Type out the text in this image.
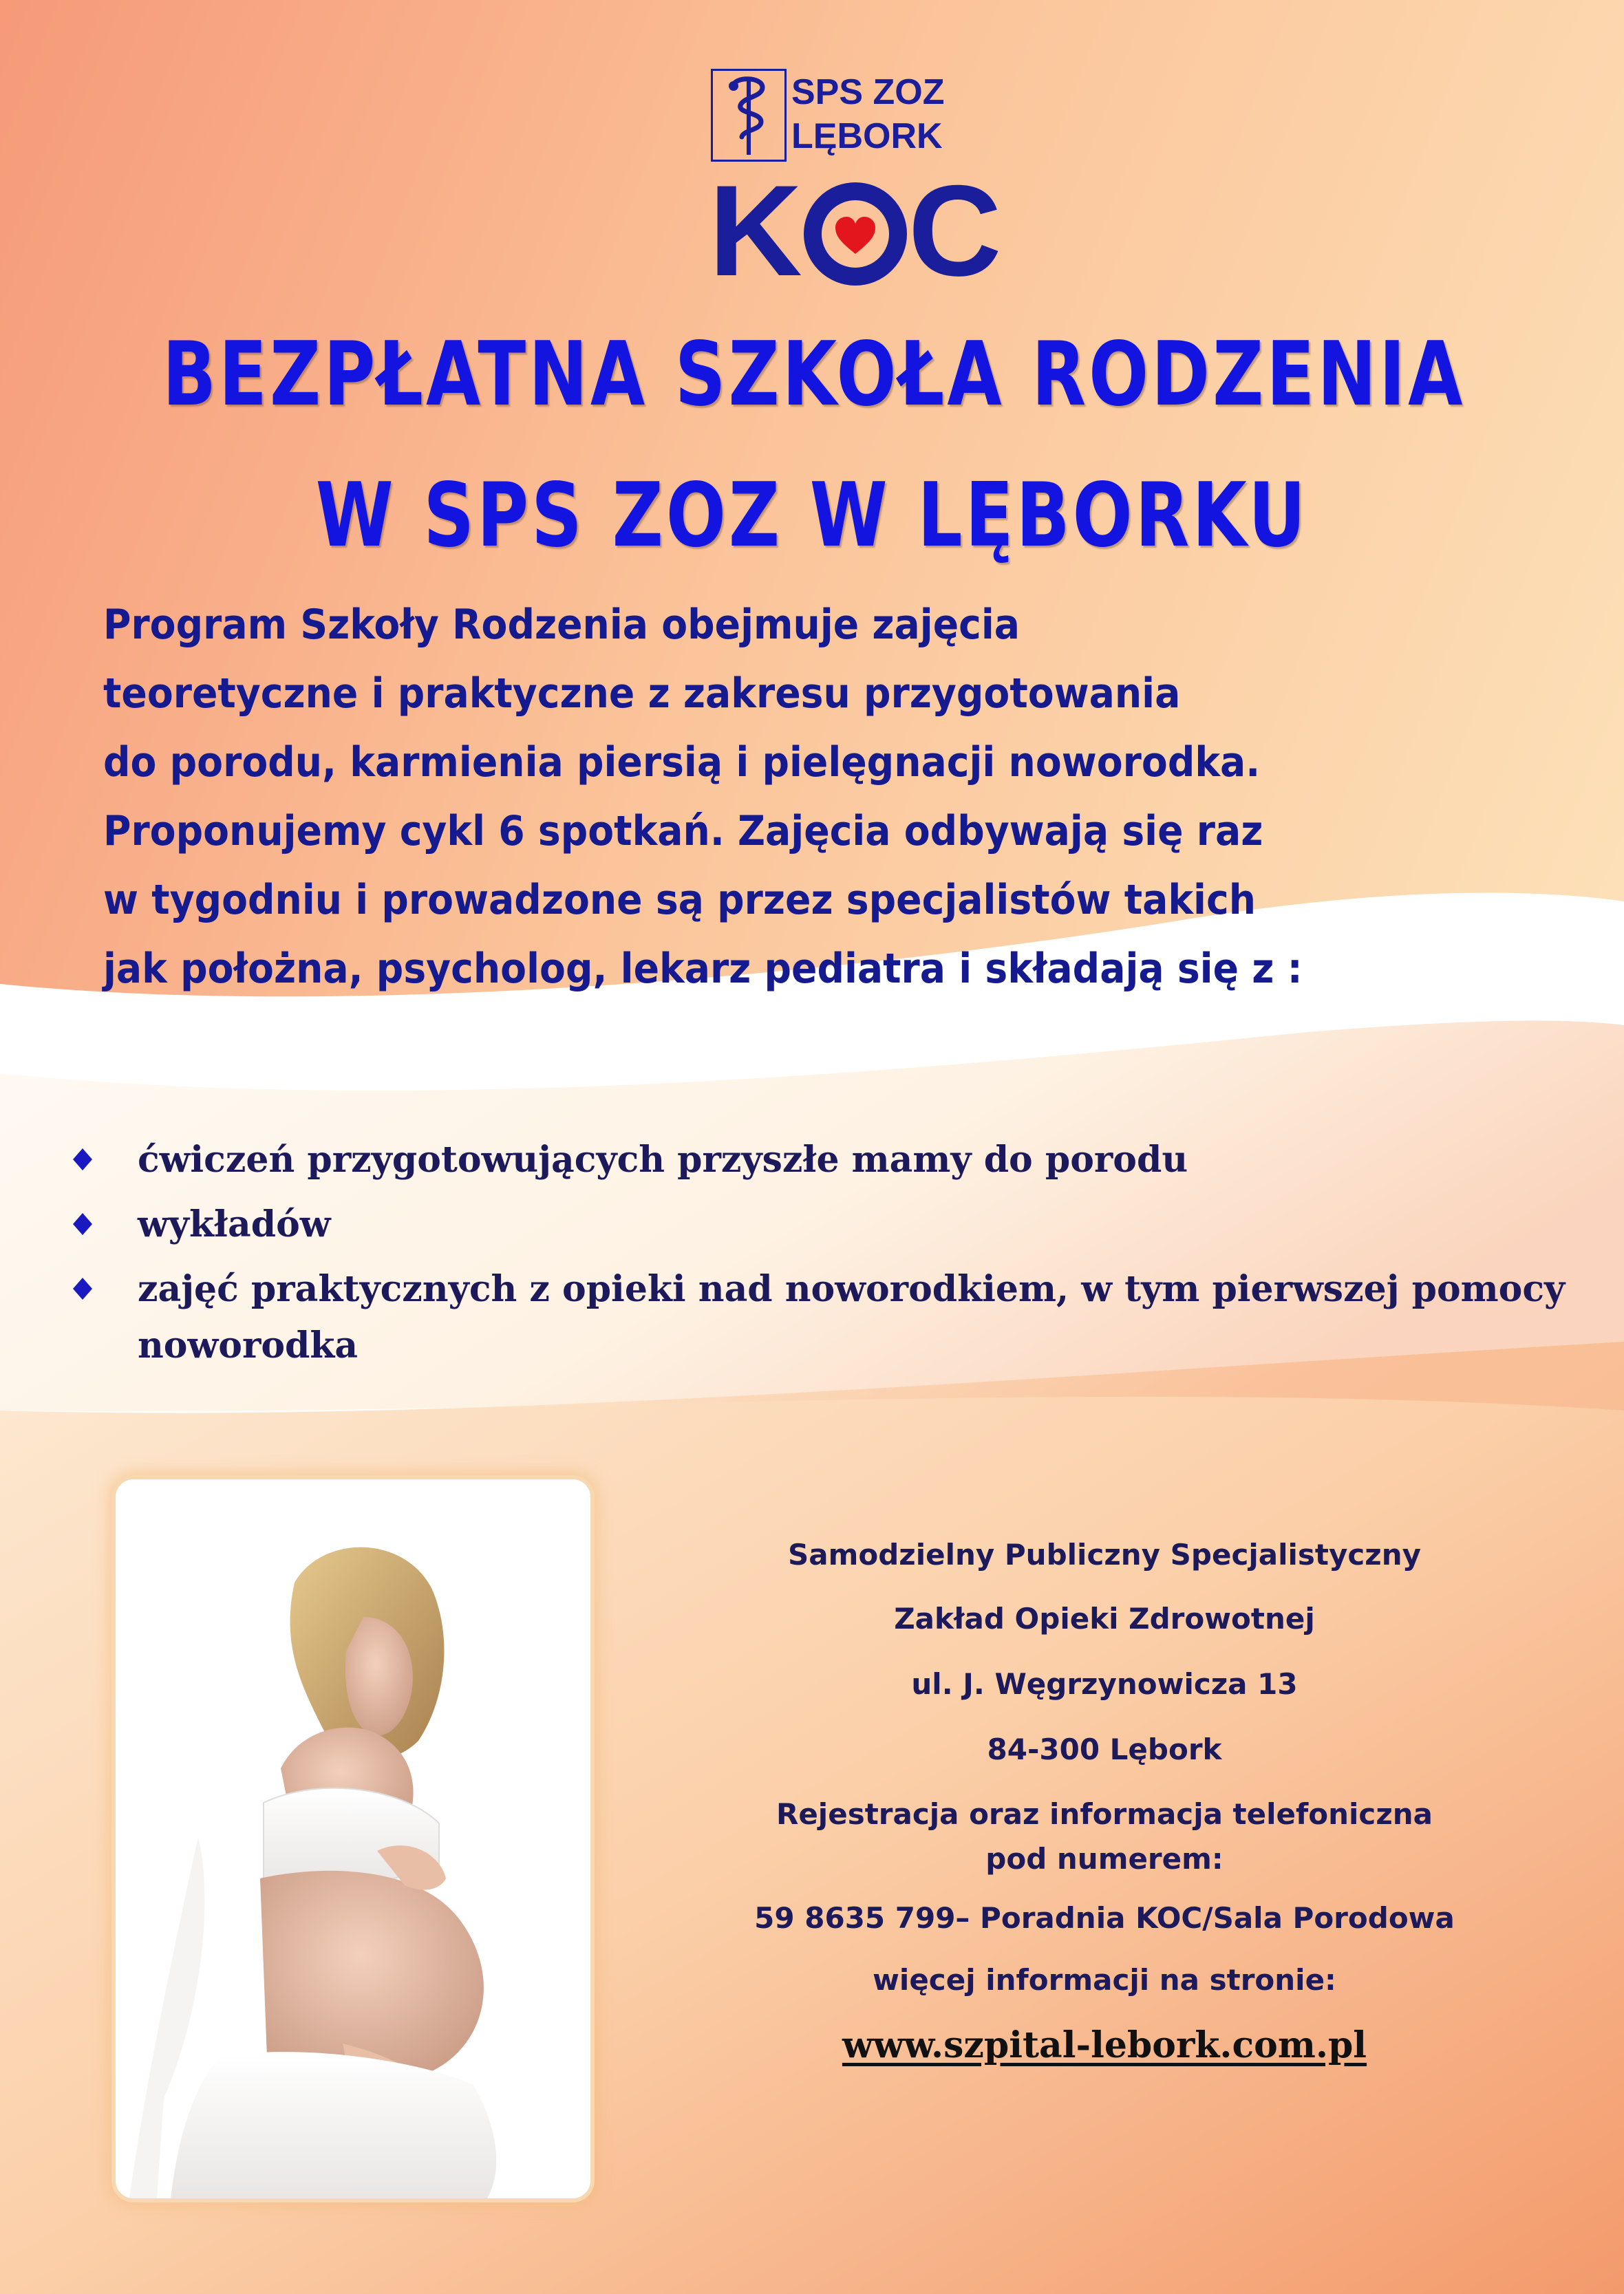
SPS ZOZ
LĘBORK
K C
BEZPŁATNA SZKOŁA RODZENIA
W SPS ZOZ W LĘBORKU

Program Szkoły Rodzenia obejmuje zajęcia

teoretyczne i praktyczne z zakresu przygotowania

do porodu, karmienia piersią i pielęgnacji noworodka.

Proponujemy cykl 6 spotkań. Zajęcia odbywają się raz

w tygodniu i prowadzone są przez specjalistów takich

jak położna, psycholog, lekarz pediatra i składają się z :

ćwiczeń przygotowujących przyszłe mamy do porodu
wykładów
zajęć praktycznych z opieki nad noworodkiem, w tym pierwszej pomocy noworodka
Samodzielny Publiczny Specjalistyczny
Zakład Opieki Zdrowotnej
ul. J. Węgrzynowicza 13
84-300 Lębork
Rejestracja oraz informacja telefoniczna
pod numerem:
59 8635 799– Poradnia KOC/Sala Porodowa
więcej informacji na stronie:
www.szpital-lebork.com.pl
